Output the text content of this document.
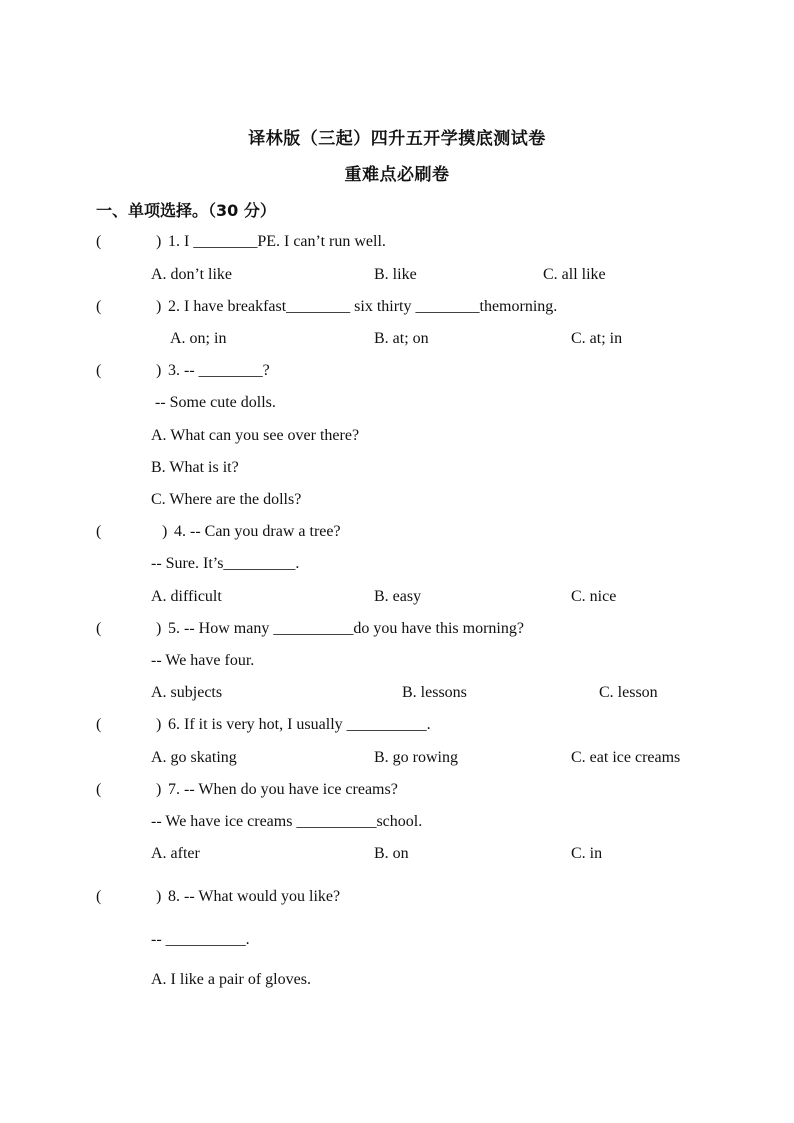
译林版（三起）四升五开学摸底测试卷
重难点必刷卷
一、单项选择。（30 分）
(	) 1. I ________PE. I can’t run well.
A. don’t like	B. like	C. all like
(	) 2. I have breakfast________ six thirty ________themorning.
A. on; in	B. at; on	C. at; in
(	) 3. -- ________?
-- Some cute dolls.
A. What can you see over there?
B. What is it?
C. Where are the dolls?
(	) 4. -- Can you draw a tree?
-- Sure. It’s_________.
A. difficult	B. easy	C. nice
(	) 5. -- How many __________do you have this morning?
-- We have four.
A. subjects	B. lessons	C. lesson
(	) 6. If it is very hot, I usually __________.
A. go skating	B. go rowing	C. eat ice creams
(	) 7. -- When do you have ice creams?
-- We have ice creams __________school.
A. after	B. on	C. in
(	) 8. -- What would you like?
-- __________.
A. I like a pair of gloves.
